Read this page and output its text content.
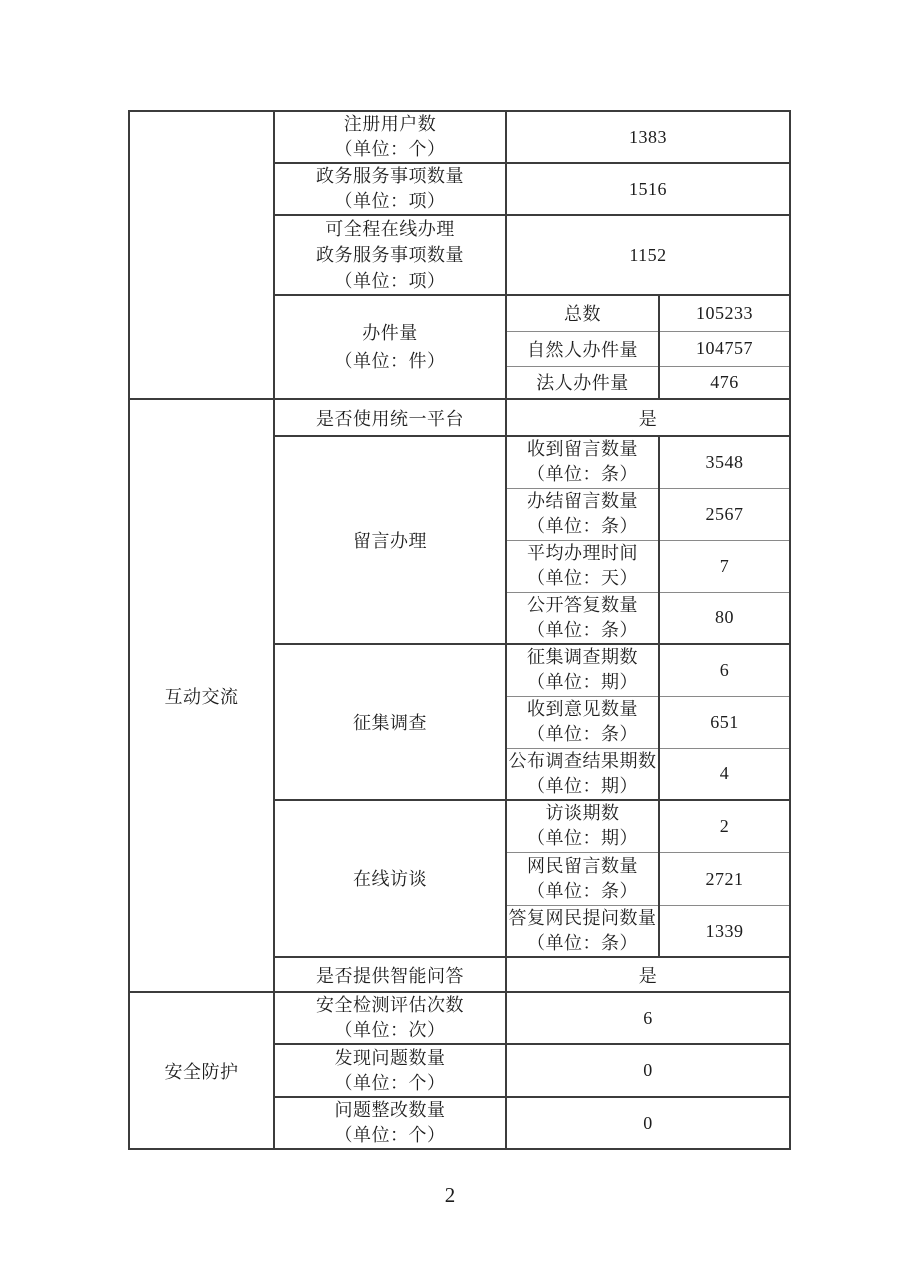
	注册用户数
（单位：个）	1383	

	政务服务事项数量
（单位：项）	1516	

	可全程在线办理
政务服务事项数量
（单位：项）	1152	

	办件量
（单位：件）	总数	105233
		自然人办件量	104757
		法人办件量	476
互动交流	是否使用统一平台	是	
	留言办理	收到留言数量
（单位：条）	3548

		办结留言数量
（单位：条）	2567

		平均办理时间
（单位：天）	7

		公开答复数量
（单位：条）	80
	征集调查	征集调查期数
（单位：期）	6

		收到意见数量
（单位：条）	651

		公布调查结果期数
（单位：期）	4
	在线访谈	访谈期数
（单位：期）	2

		网民留言数量
（单位：条）	2721

		答复网民提问数量
（单位：条）	1339
	是否提供智能问答	是	
安全防护	安全检测评估次数
（单位：次）	6	

	发现问题数量
（单位：个）	0	

	问题整改数量
（单位：个）	0	
2
